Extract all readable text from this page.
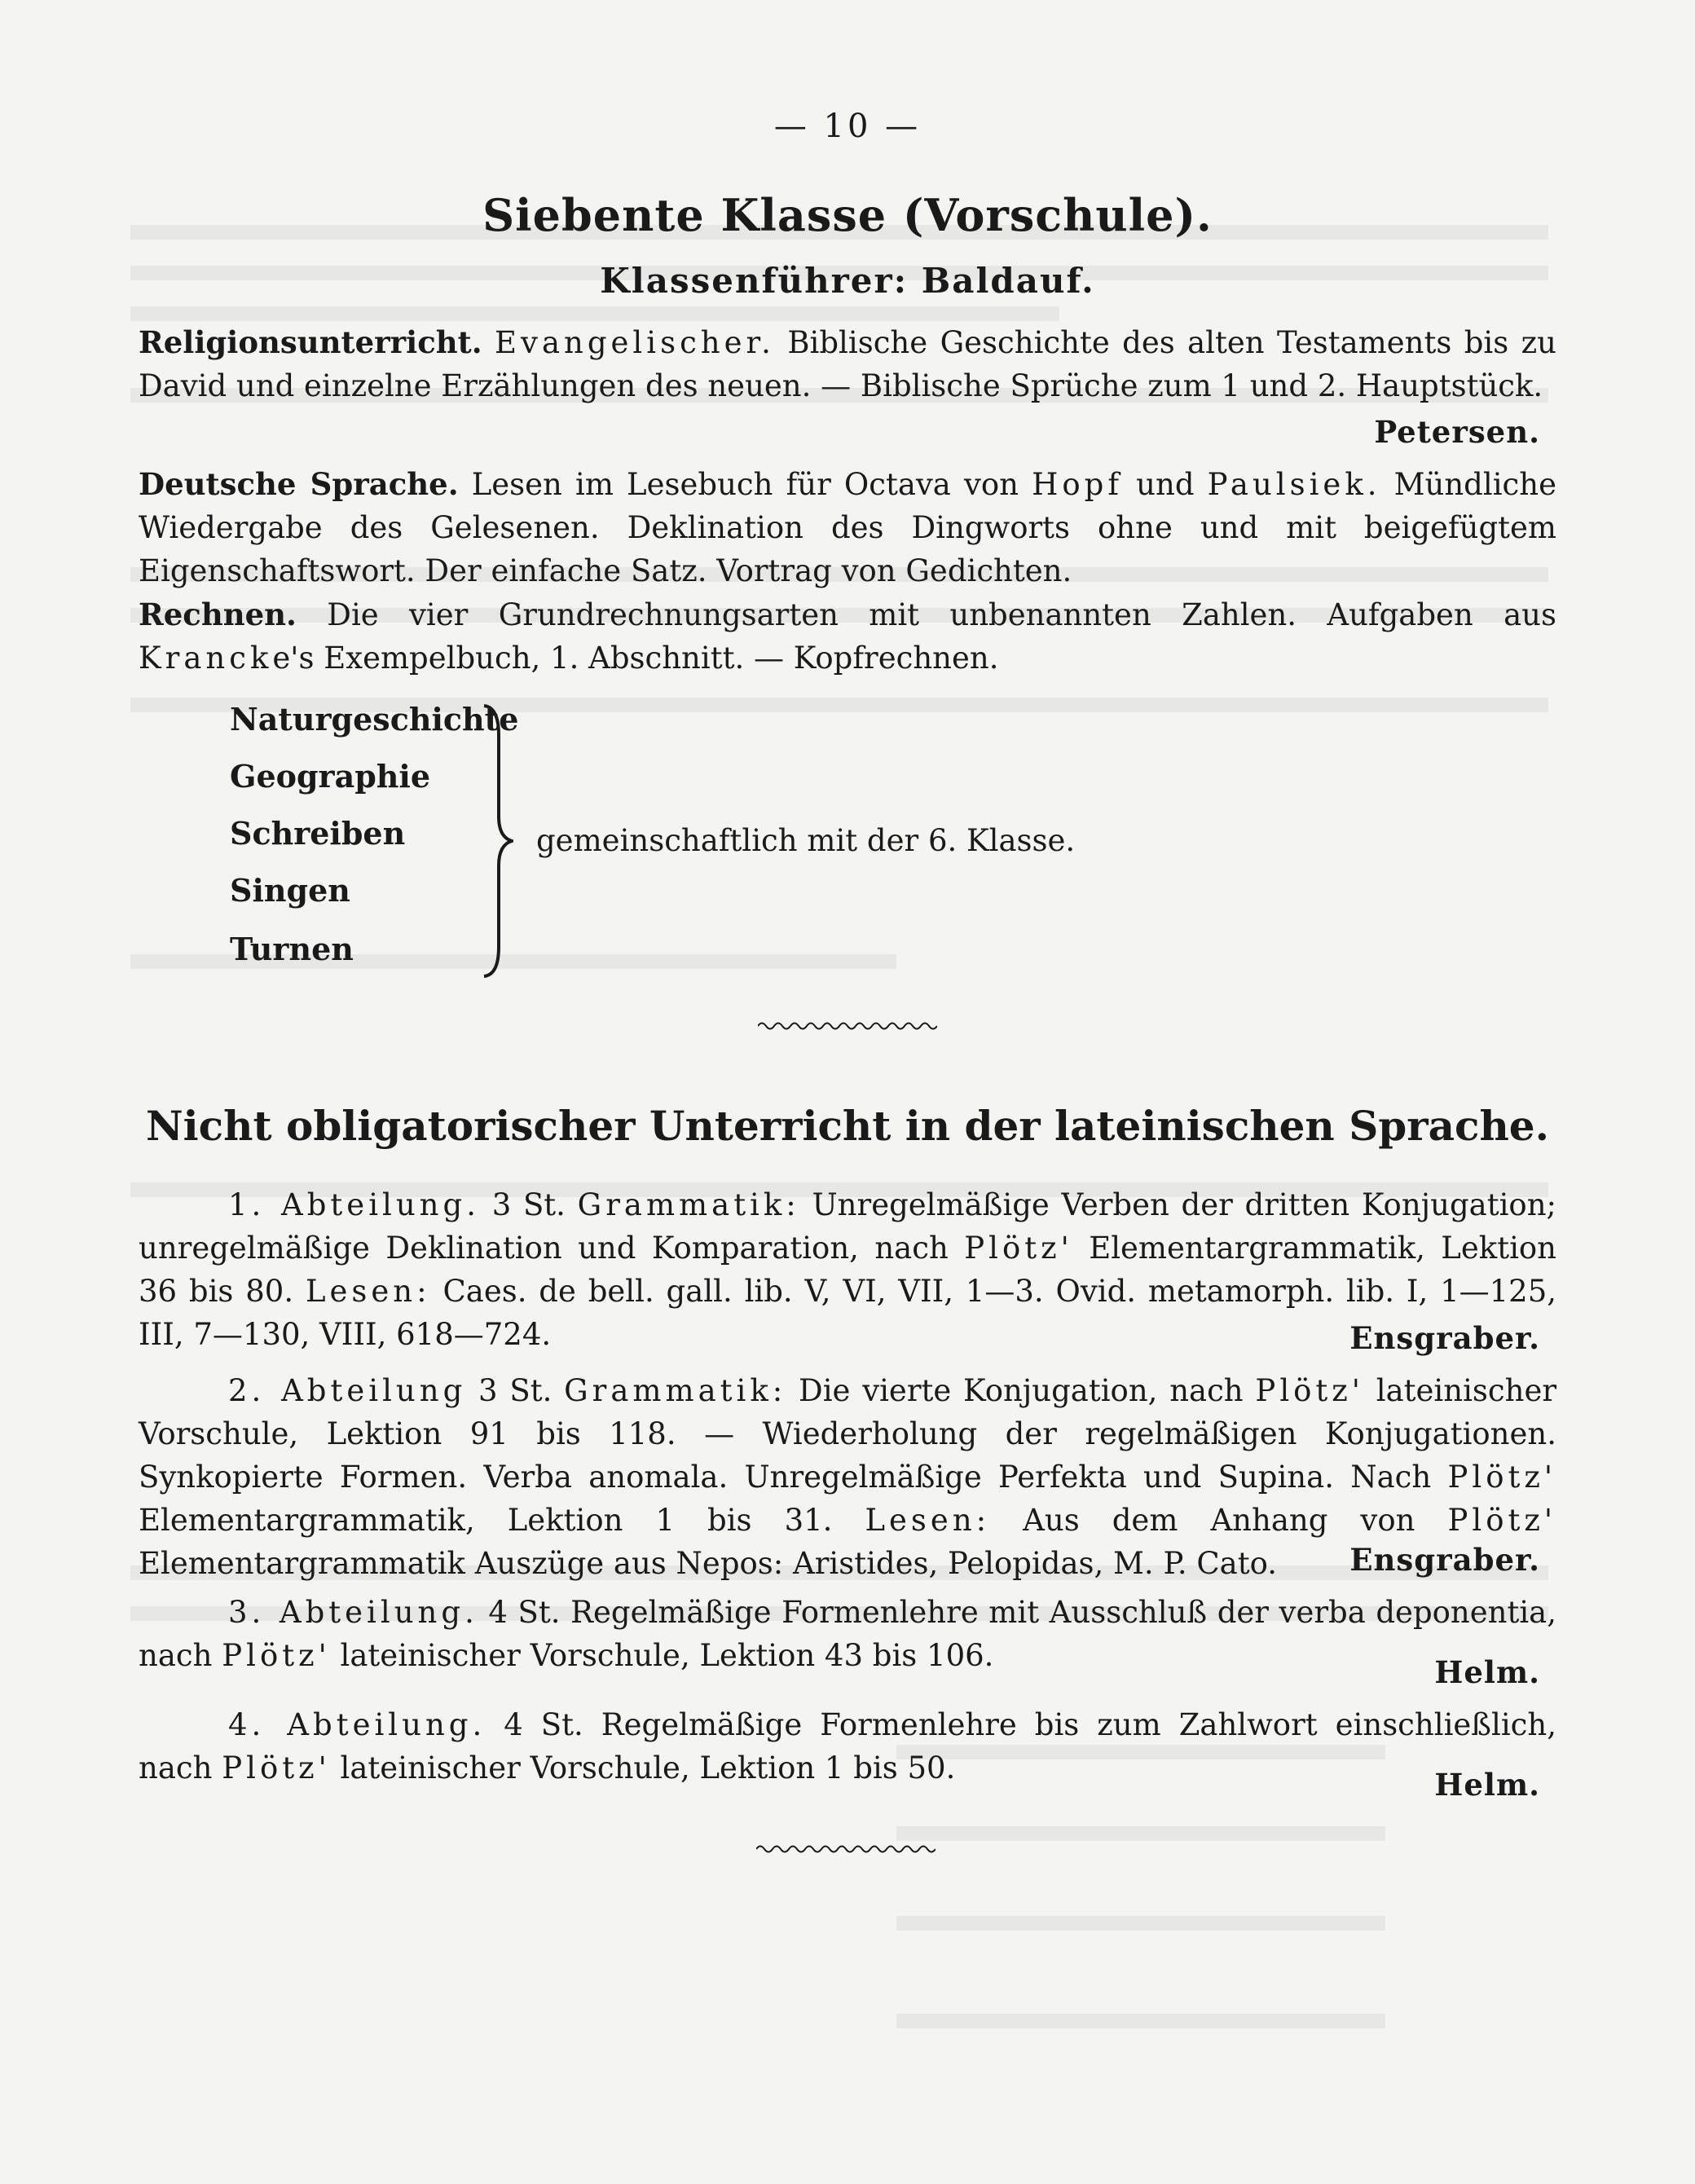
— 10 —
Siebente Klasse (Vorschule).
Klassenführer: Baldauf.
Religionsunterricht. Evangelischer. Biblische Geschichte des alten Testaments bis zu David und einzelne Erzählungen des neuen. — Biblische Sprüche zum 1 und 2. Hauptstück.
Petersen.
Deutsche Sprache. Lesen im Lesebuch für Octava von Hopf und Paulsiek. Mündliche Wiedergabe des Gelesenen. Deklination des Dingworts ohne und mit beigefügtem Eigenschaftswort. Der einfache Satz. Vortrag von Gedichten.
Rechnen. Die vier Grundrechnungsarten mit unbenannten Zahlen. Aufgaben aus Krancke's Exempelbuch, 1. Abschnitt. — Kopfrechnen.
Naturgeschichte
Geographie
Schreiben
Singen
Turnen
gemeinschaftlich mit der 6. Klasse.
Nicht obligatorischer Unterricht in der lateinischen Sprache.
1. Abteilung. 3 St. Grammatik: Unregelmäßige Verben der dritten Konjugation; unregelmäßige Deklination und Komparation, nach Plötz' Elementargrammatik, Lektion 36 bis 80. Lesen: Caes. de bell. gall. lib. V, VI, VII, 1—3. Ovid. metamorph. lib. I, 1—125, III, 7—130, VIII, 618—724.	Ensgraber.
2. Abteilung 3 St. Grammatik: Die vierte Konjugation, nach Plötz' lateinischer Vorschule, Lektion 91 bis 118. — Wiederholung der regelmäßigen Konjugationen. Synkopierte Formen. Verba anomala. Unregelmäßige Perfekta und Supina. Nach Plötz' Elementargrammatik, Lektion 1 bis 31. Lesen: Aus dem Anhang von Plötz' Elementargrammatik Auszüge aus Nepos: Aristides, Pelopidas, M. P. Cato.	Ensgraber.
3. Abteilung. 4 St. Regelmäßige Formenlehre mit Ausschluß der verba deponentia, nach Plötz' lateinischer Vorschule, Lektion 43 bis 106.	Helm.
4. Abteilung. 4 St. Regelmäßige Formenlehre bis zum Zahlwort einschließlich, nach Plötz' lateinischer Vorschule, Lektion 1 bis 50.	Helm.
